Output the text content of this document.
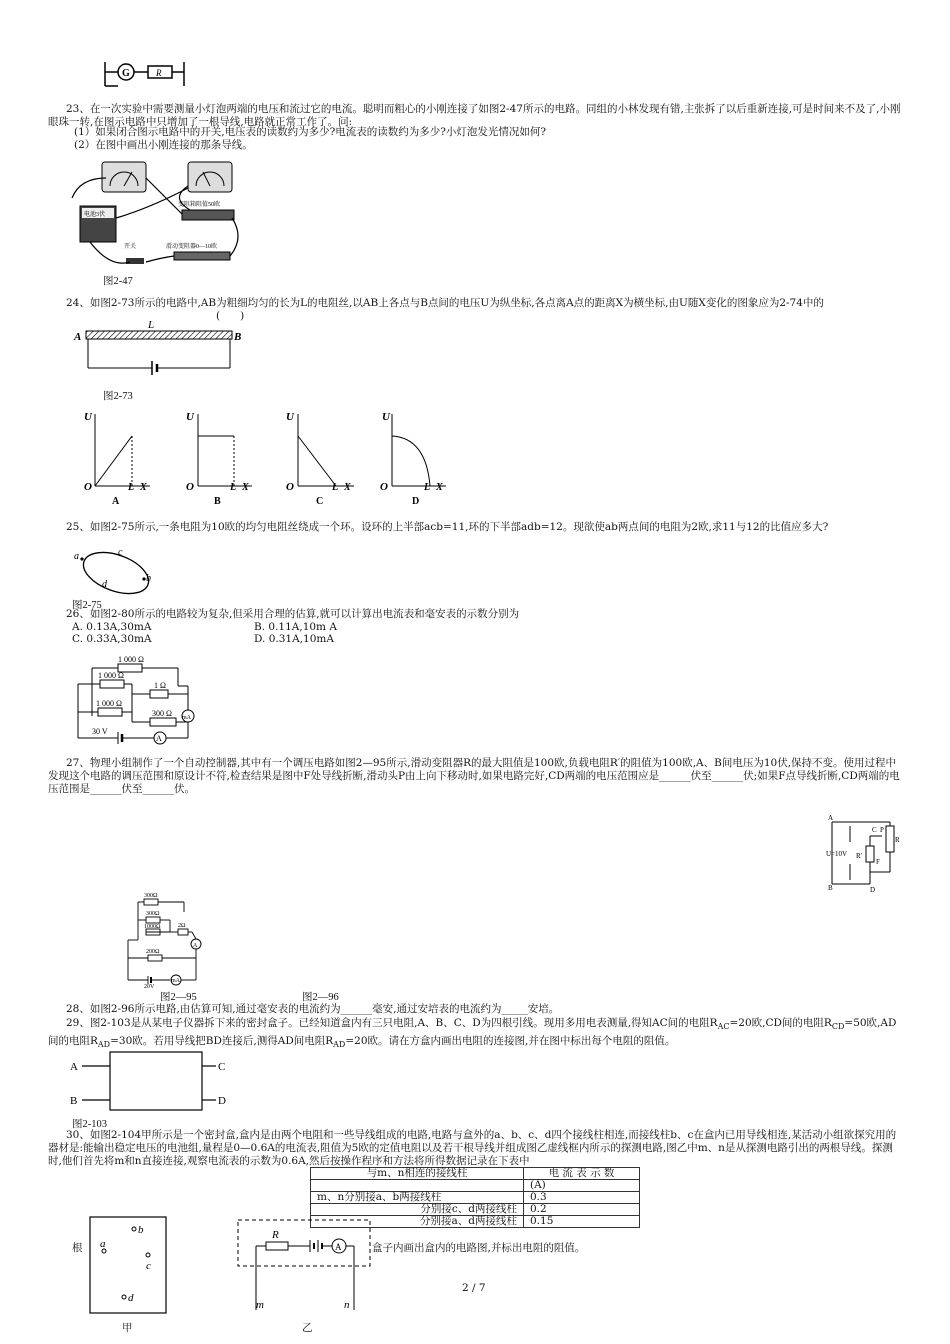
G	R
23、在一次实验中需要测量小灯泡两端的电压和流过它的电流。聪明而粗心的小刚连接了如图2-47所示的电路。同组的小林发现有错,主张拆了以后重新连接,可是时间来不及了,小刚眼珠一转,在图示电路中只增加了一根导线,电路就正常工作了。问:
(1）如果闭合图示电路中的开关,电压表的读数约为多少?电流表的读数约为多少?小灯泡发光情况如何?
(2）在图中画出小刚连接的那条导线。
电池3伏
变阻箱阻值50欧
滑动变阻器0—10欧
开关
图2-47
24、如图2-73所示的电路中,AB为粗细均匀的长为L的电阻丝,以AB上各点与B点间的电压U为纵坐标,各点离A点的距离X为横坐标,由U随X变化的图象应为2-74中的
(      )
L
A	B
图2-73
U
O	L X
A
U
O	L X
B
U
O	L X
C
U
O	L X
D
25、如图2-75所示,一条电阻为10欧的均匀电阻丝绕成一个环。设环的上半部acb=11,环的下半部adb=12。现欲使ab两点间的电阻为2欧,求11与12的比值应多大?
a
b
c
d
图2-75
26、如图2-80所示的电路较为复杂,但采用合理的估算,就可以计算出电流表和毫安表的示数分别为
A. 0.13A,30mA	B. 0.11A,10m A
C. 0.33A,30mA	D. 0.31A,10mA
1 000 Ω
1 000 Ω
1 Ω
1 000 Ω
300 Ω mA
30 V
A
27、物理小组制作了一个自动控制器,其中有一个调压电路如图2—95所示,滑动变阻器R的最大阻值是100欧,负载电阻R′的阻值为100欧,A、B间电压为10伏,保持不变。使用过程中发现这个电路的调压范围和原设计不符,检查结果是图中F处导线折断,滑动头P由上向下移动时,如果电路完好,CD两端的电压范围应是______伏至______伏;如果F点导线折断,CD两端的电压范围是______伏至______伏。
A
B
C P
R
R'
F
D
U=10V
300Ω
300Ω
1000Ω	2Ω
A
200Ω
20V
mA
图2—95	图2—96
28、如图2-96所示电路,由估算可知,通过毫安表的电流约为______毫安,通过安培表的电流约为_____安培。
29、图2-103是从某电子仪器拆下来的密封盒子。已经知道盒内有三只电阻,A、B、C、D为四根引线。现用多用电表测量,得知AC间的电阻$R_{AC}=20$欧,CD间的电阻$R_{CD}=50$欧,AD间的电阻$R_{AD}=30$欧。若用导线把BD连接后,测得AD间电阻$R_{AD}=20$欧。请在方盒内画出电阻的连接图,并在图中标出每个电阻的阻值。
A
B
C
D
图2-103
30、如图2-104甲所示是一个密封盒,盒内是由两个电阻和一些导线组成的电路,电路与盒外的a、b、c、d四个接线柱相连,而接线柱b、c在盒内已用导线相连,某活动小组欲探究用的器材是:能输出稳定电压的电池组,量程是0—0.6A的电流表,阻值为5欧的定值电阻以及若干根导线并组成图乙虚线框内所示的探测电路,图乙中m、n是从探测电路引出的两根导线。探测时,他们首先将m和n直接连接,观察电流表的示数为0.6A,然后按操作程序和方法将所得数据记录在下表中
与m、n相连的接线柱	电 流 表 示 数
	(A)
m、n分别接a、b两接线柱	0.3
分别接c、d两接线柱	0.2
分别接a、d两接线柱	0.15
根	盒子内画出盒内的电路图,并标出电阻的阻值。
b
a
c
d
甲
R
A
m	n
乙
2 / 7
